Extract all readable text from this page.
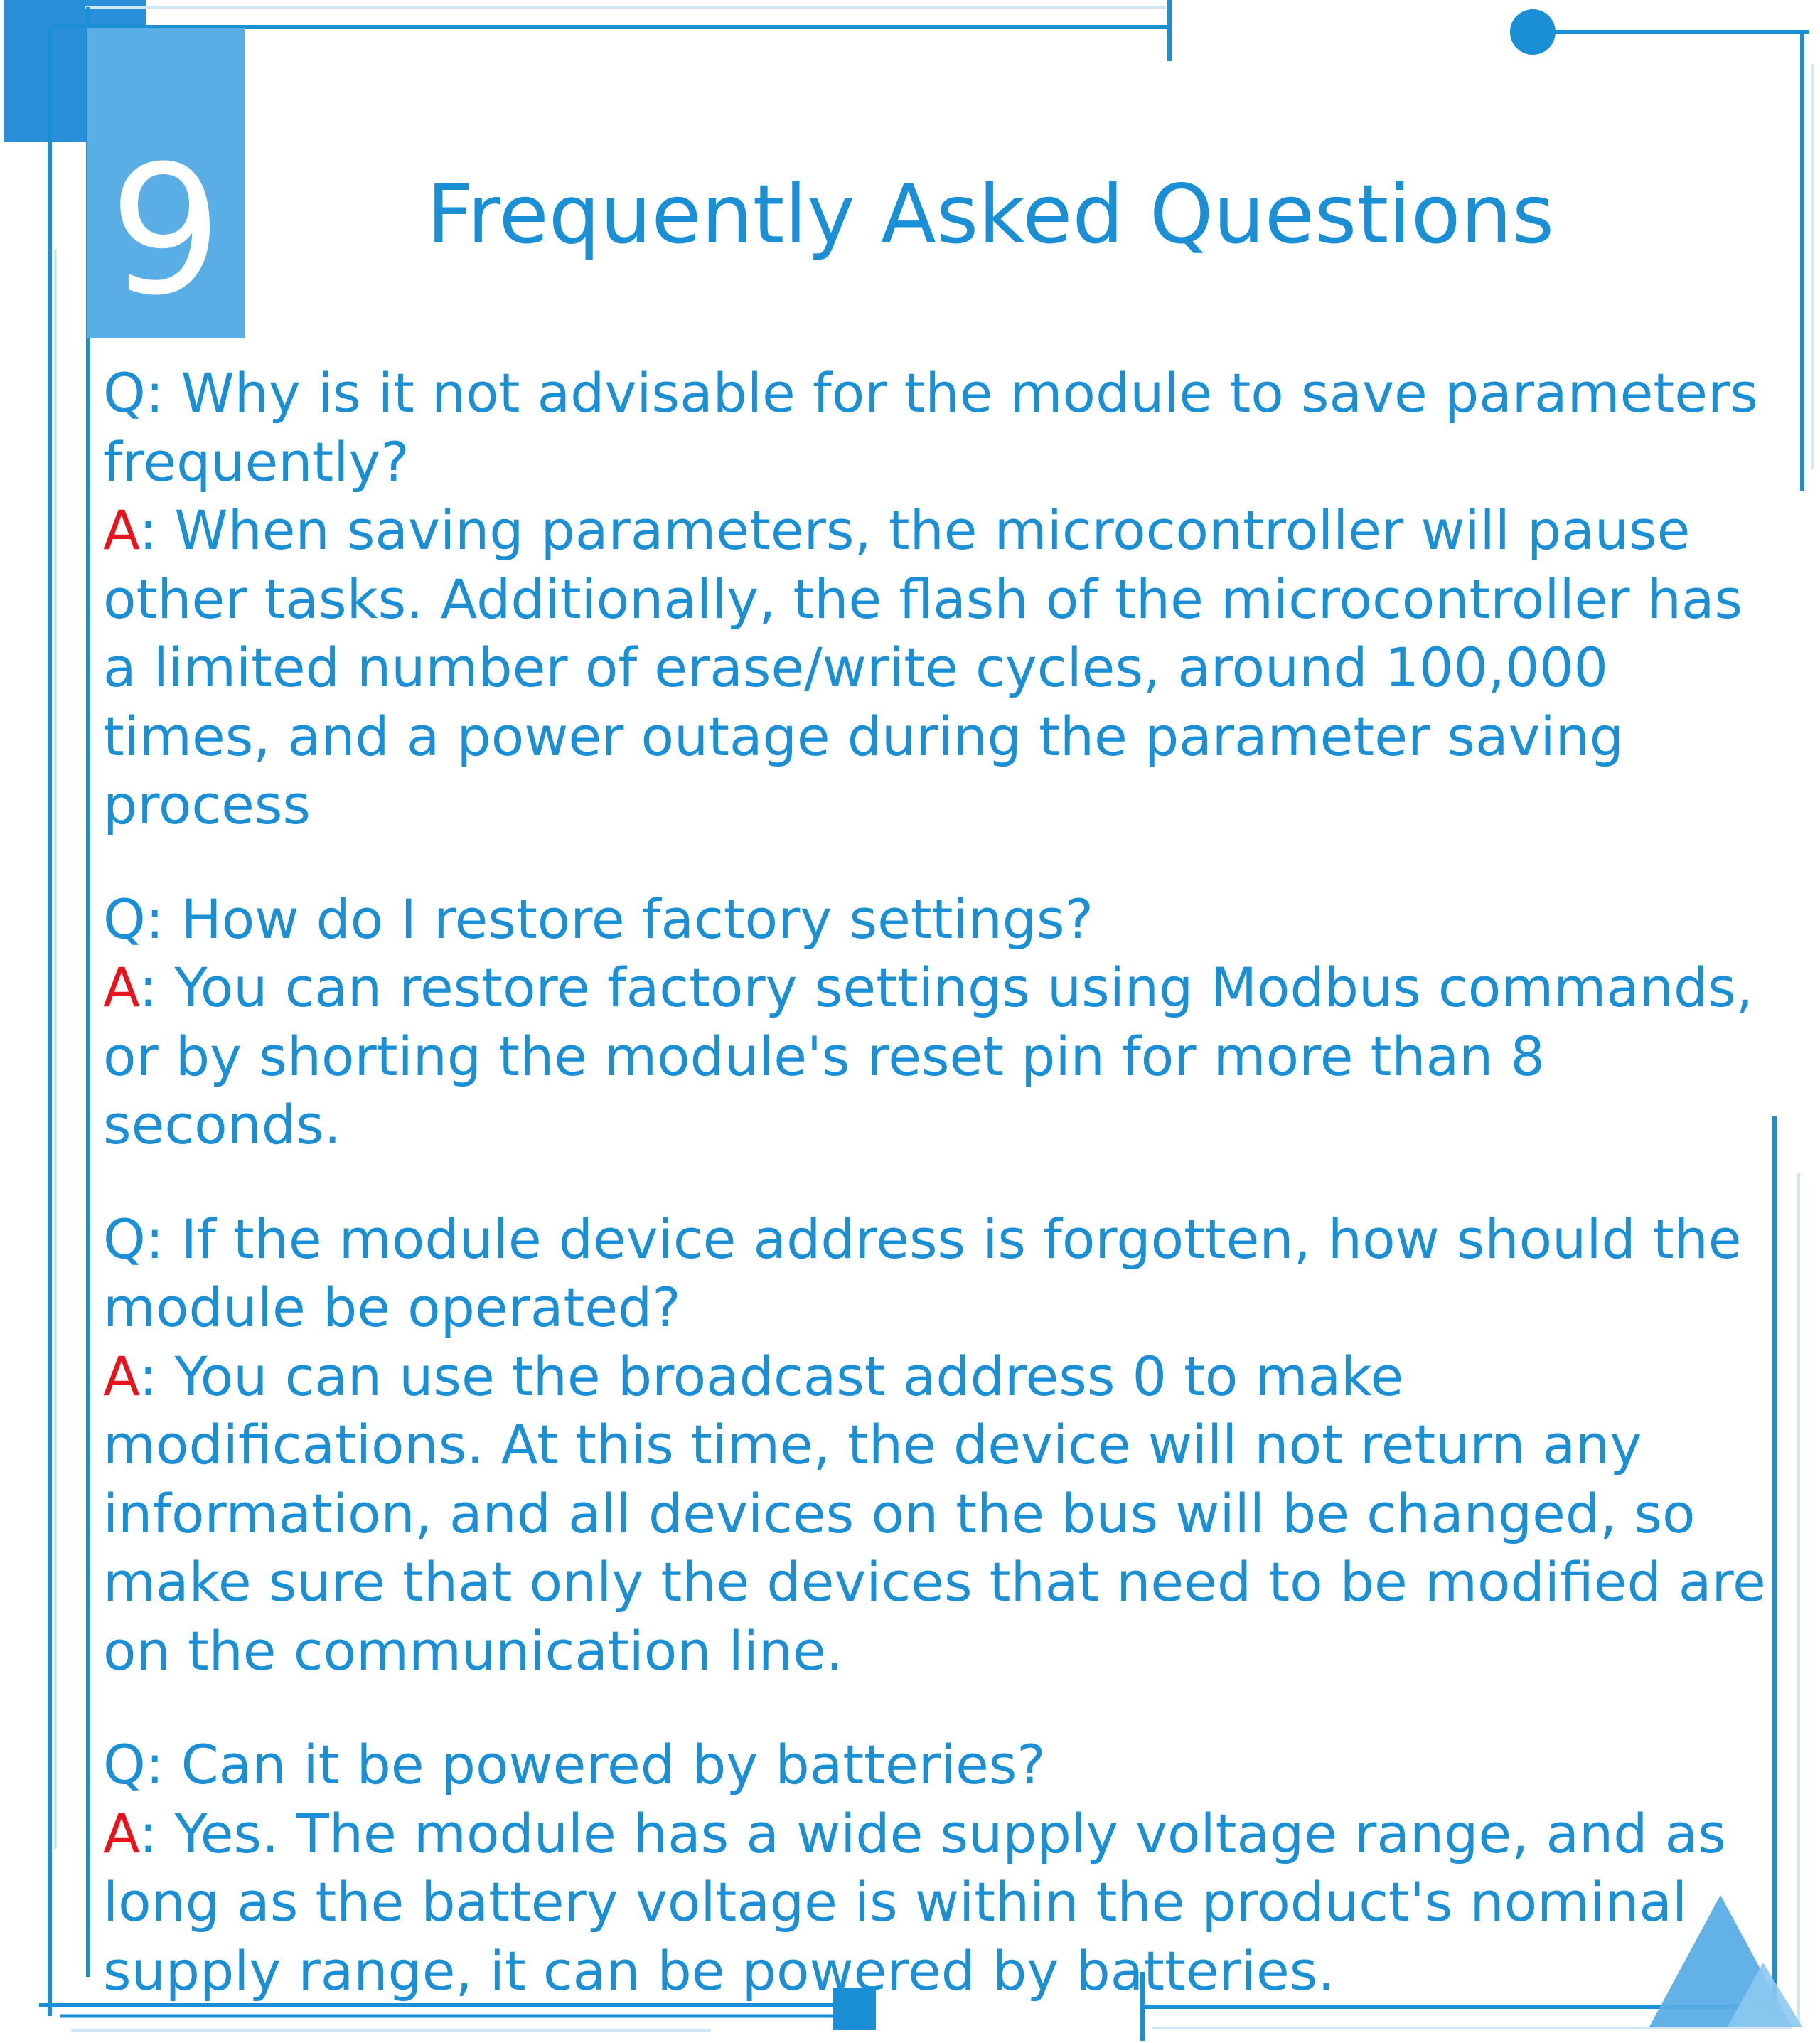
9	Frequently Asked Questions

Q: Why is it not advisable for the module to save parameters frequently?

A: When saving parameters, the microcontroller will pause other tasks. Additionally, the flash of the microcontroller has a limited number of erase/write cycles, around 100,000 times, and a power outage during the parameter saving process

Q: How do I restore factory settings?

A: You can restore factory settings using Modbus commands, or by shorting the module's reset pin for more than 8 seconds.

Q: If the module device address is forgotten, how should the module be operated?

A: You can use the broadcast address 0 to make modifications. At this time, the device will not return any information, and all devices on the bus will be changed, so make sure that only the devices that need to be modified are on the communication line.

Q: Can it be powered by batteries?

A: Yes. The module has a wide supply voltage range, and as long as the battery voltage is within the product's nominal supply range, it can be powered by batteries.
